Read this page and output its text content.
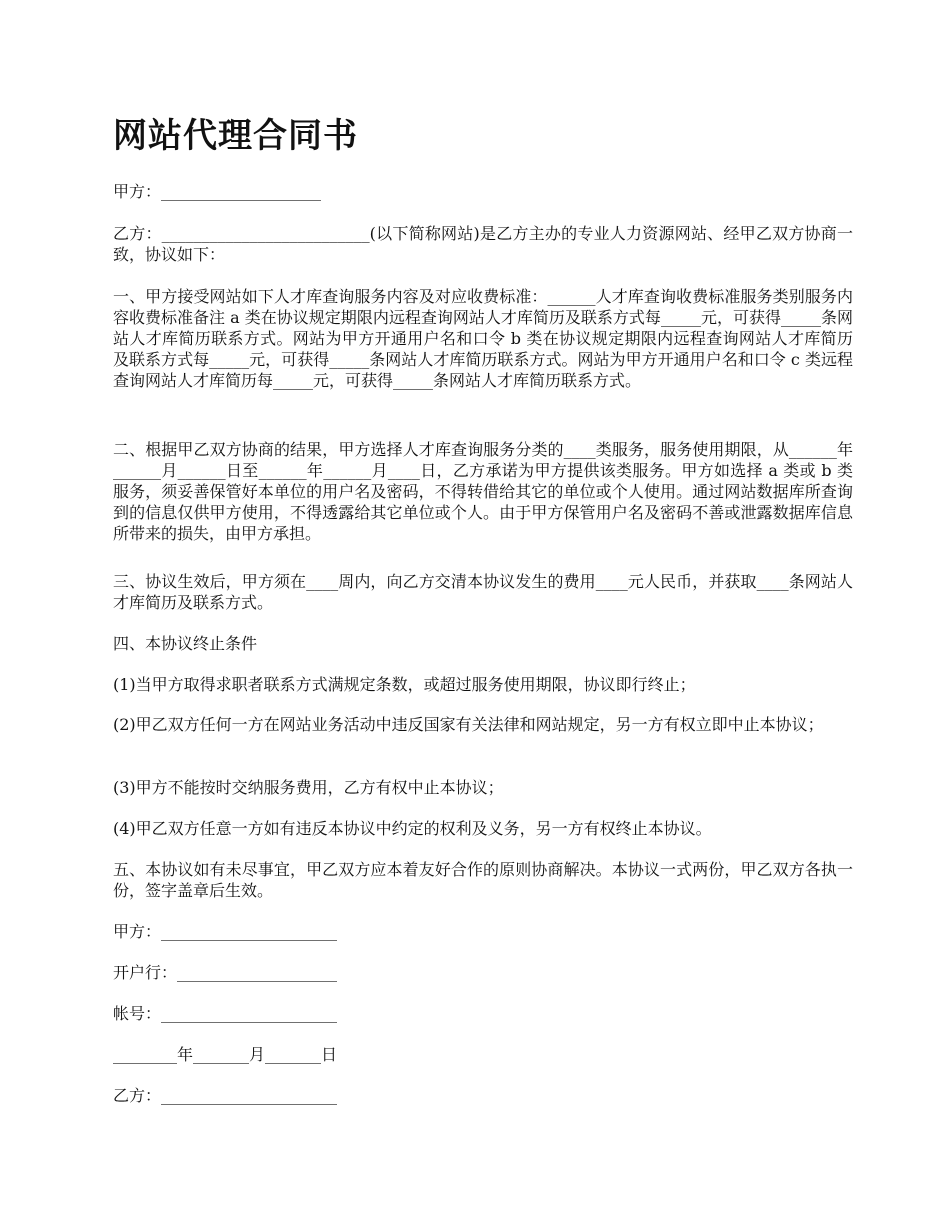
网站代理合同书

甲方：____________________

乙方：__________________________(以下简称网站)是乙方主办的专业人力资源网站、经甲乙双方协商一致，协议如下：

一、甲方接受网站如下人才库查询服务内容及对应收费标准：______人才库查询收费标准服务类别服务内容收费标准备注 a 类在协议规定期限内远程查询网站人才库简历及联系方式每_____元，可获得_____条网站人才库简历联系方式。网站为甲方开通用户名和口令 b 类在协议规定期限内远程查询网站人才库简历及联系方式每_____元，可获得_____条网站人才库简历联系方式。网站为甲方开通用户名和口令 c 类远程查询网站人才库简历每_____元，可获得_____条网站人才库简历联系方式。

二、根据甲乙双方协商的结果，甲方选择人才库查询服务分类的____类服务，服务使用期限，从______年______月______日至______年______月____日，乙方承诺为甲方提供该类服务。甲方如选择 a 类或 b 类服务，须妥善保管好本单位的用户名及密码，不得转借给其它的单位或个人使用。通过网站数据库所查询到的信息仅供甲方使用，不得透露给其它单位或个人。由于甲方保管用户名及密码不善或泄露数据库信息所带来的损失，由甲方承担。

三、协议生效后，甲方须在____周内，向乙方交清本协议发生的费用____元人民币，并获取____条网站人才库简历及联系方式。

四、本协议终止条件

(1)当甲方取得求职者联系方式满规定条数，或超过服务使用期限，协议即行终止；

(2)甲乙双方任何一方在网站业务活动中违反国家有关法律和网站规定，另一方有权立即中止本协议；

(3)甲方不能按时交纳服务费用，乙方有权中止本协议；

(4)甲乙双方任意一方如有违反本协议中约定的权利及义务，另一方有权终止本协议。

五、本协议如有未尽事宜，甲乙双方应本着友好合作的原则协商解决。本协议一式两份，甲乙双方各执一份，签字盖章后生效。

甲方：______________________

开户行：____________________

帐号：______________________

________年_______月_______日

乙方：______________________
